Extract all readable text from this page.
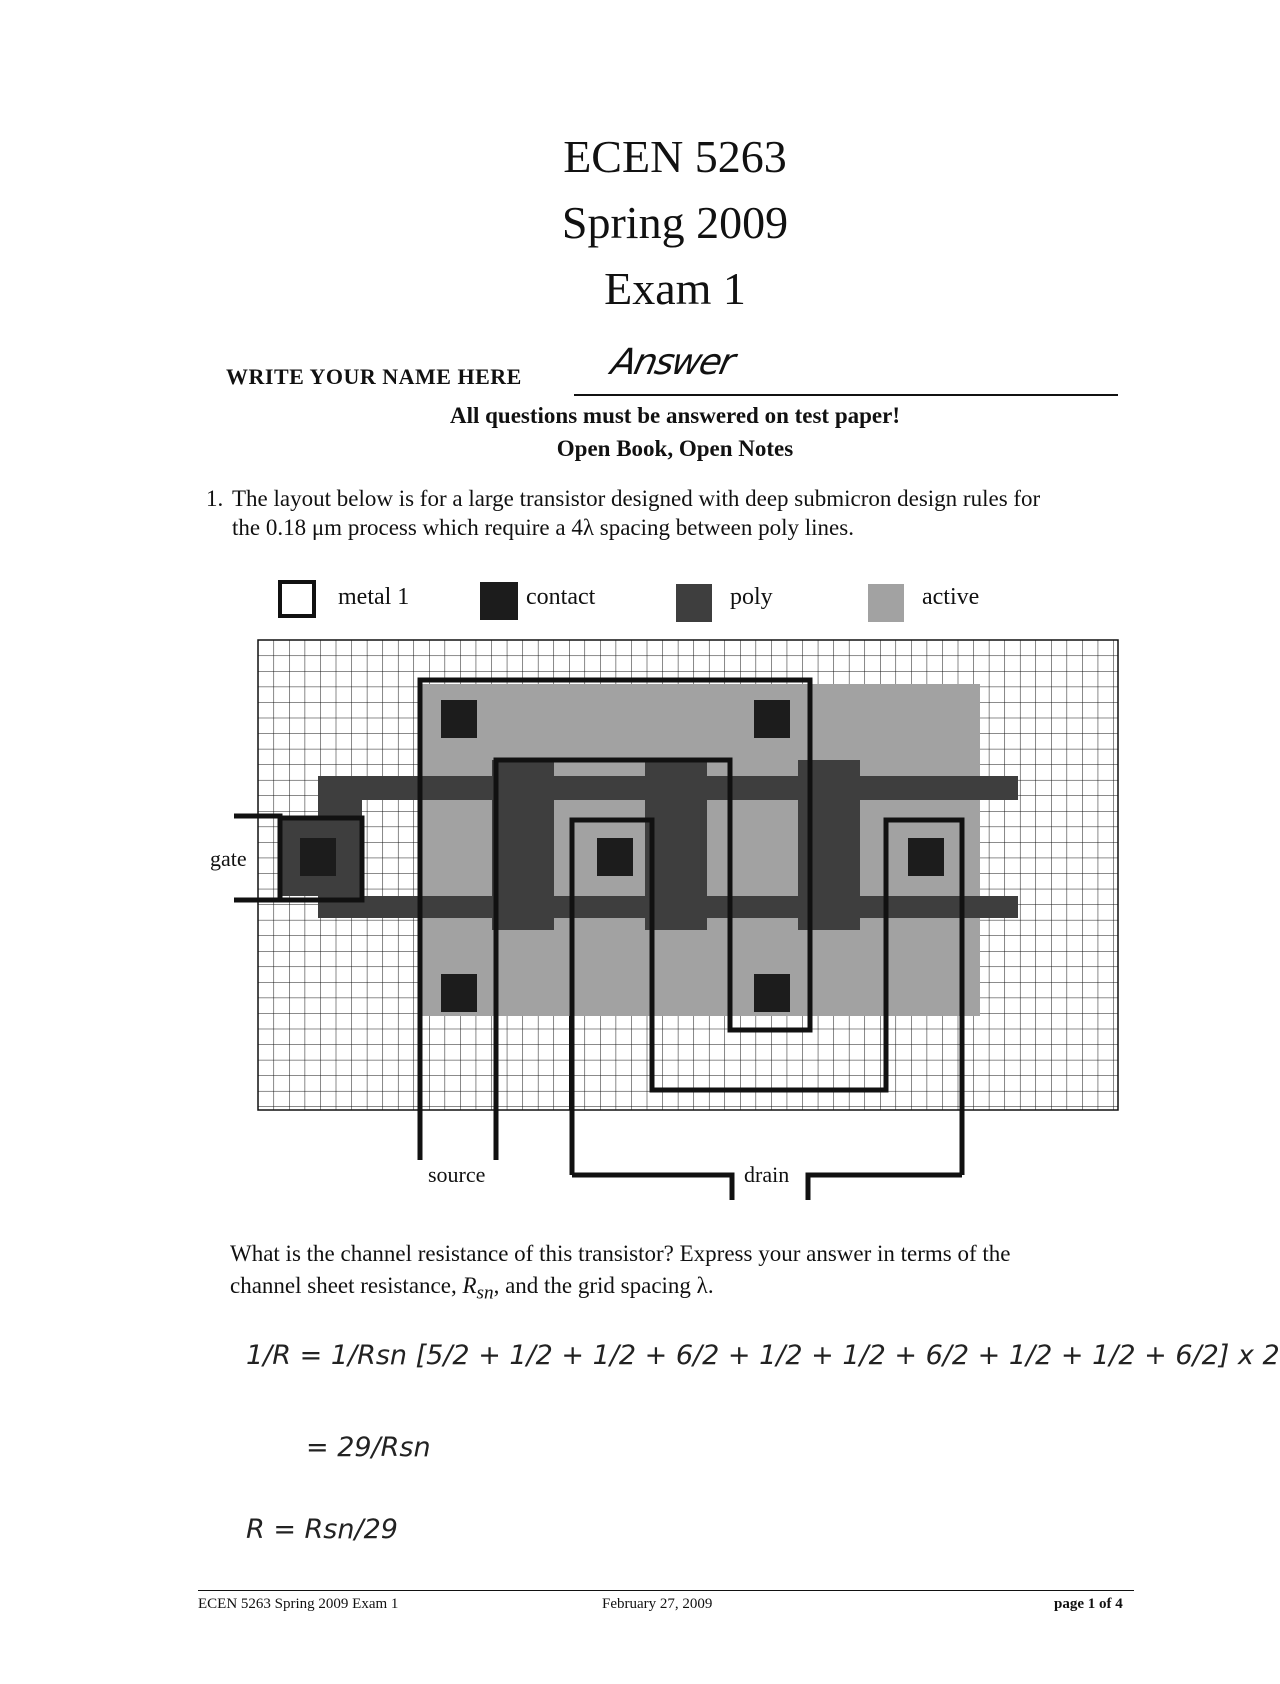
ECEN 5263
Spring 2009
Exam 1
WRITE YOUR NAME HERE Answer
All questions must be answered on test paper!
Open Book, Open Notes
1. The layout below is for a large transistor designed with deep submicron design rules for
the 0.18 μm process which require a 4λ spacing between poly lines.
metal 1	contact	poly	active
gate
source	drain
What is the channel resistance of this transistor? Express your answer in terms of the
channel sheet resistance, $R_{sn}$, and the grid spacing λ.
1/R = 1/Rsn [5/2 + 1/2 + 1/2 + 6/2 + 1/2 + 1/2 + 6/2 + 1/2 + 1/2 + 6/2] x 2
= 29/Rsn
R = Rsn/29
ECEN 5263 Spring 2009 Exam 1	February 27, 2009	page 1 of 4
